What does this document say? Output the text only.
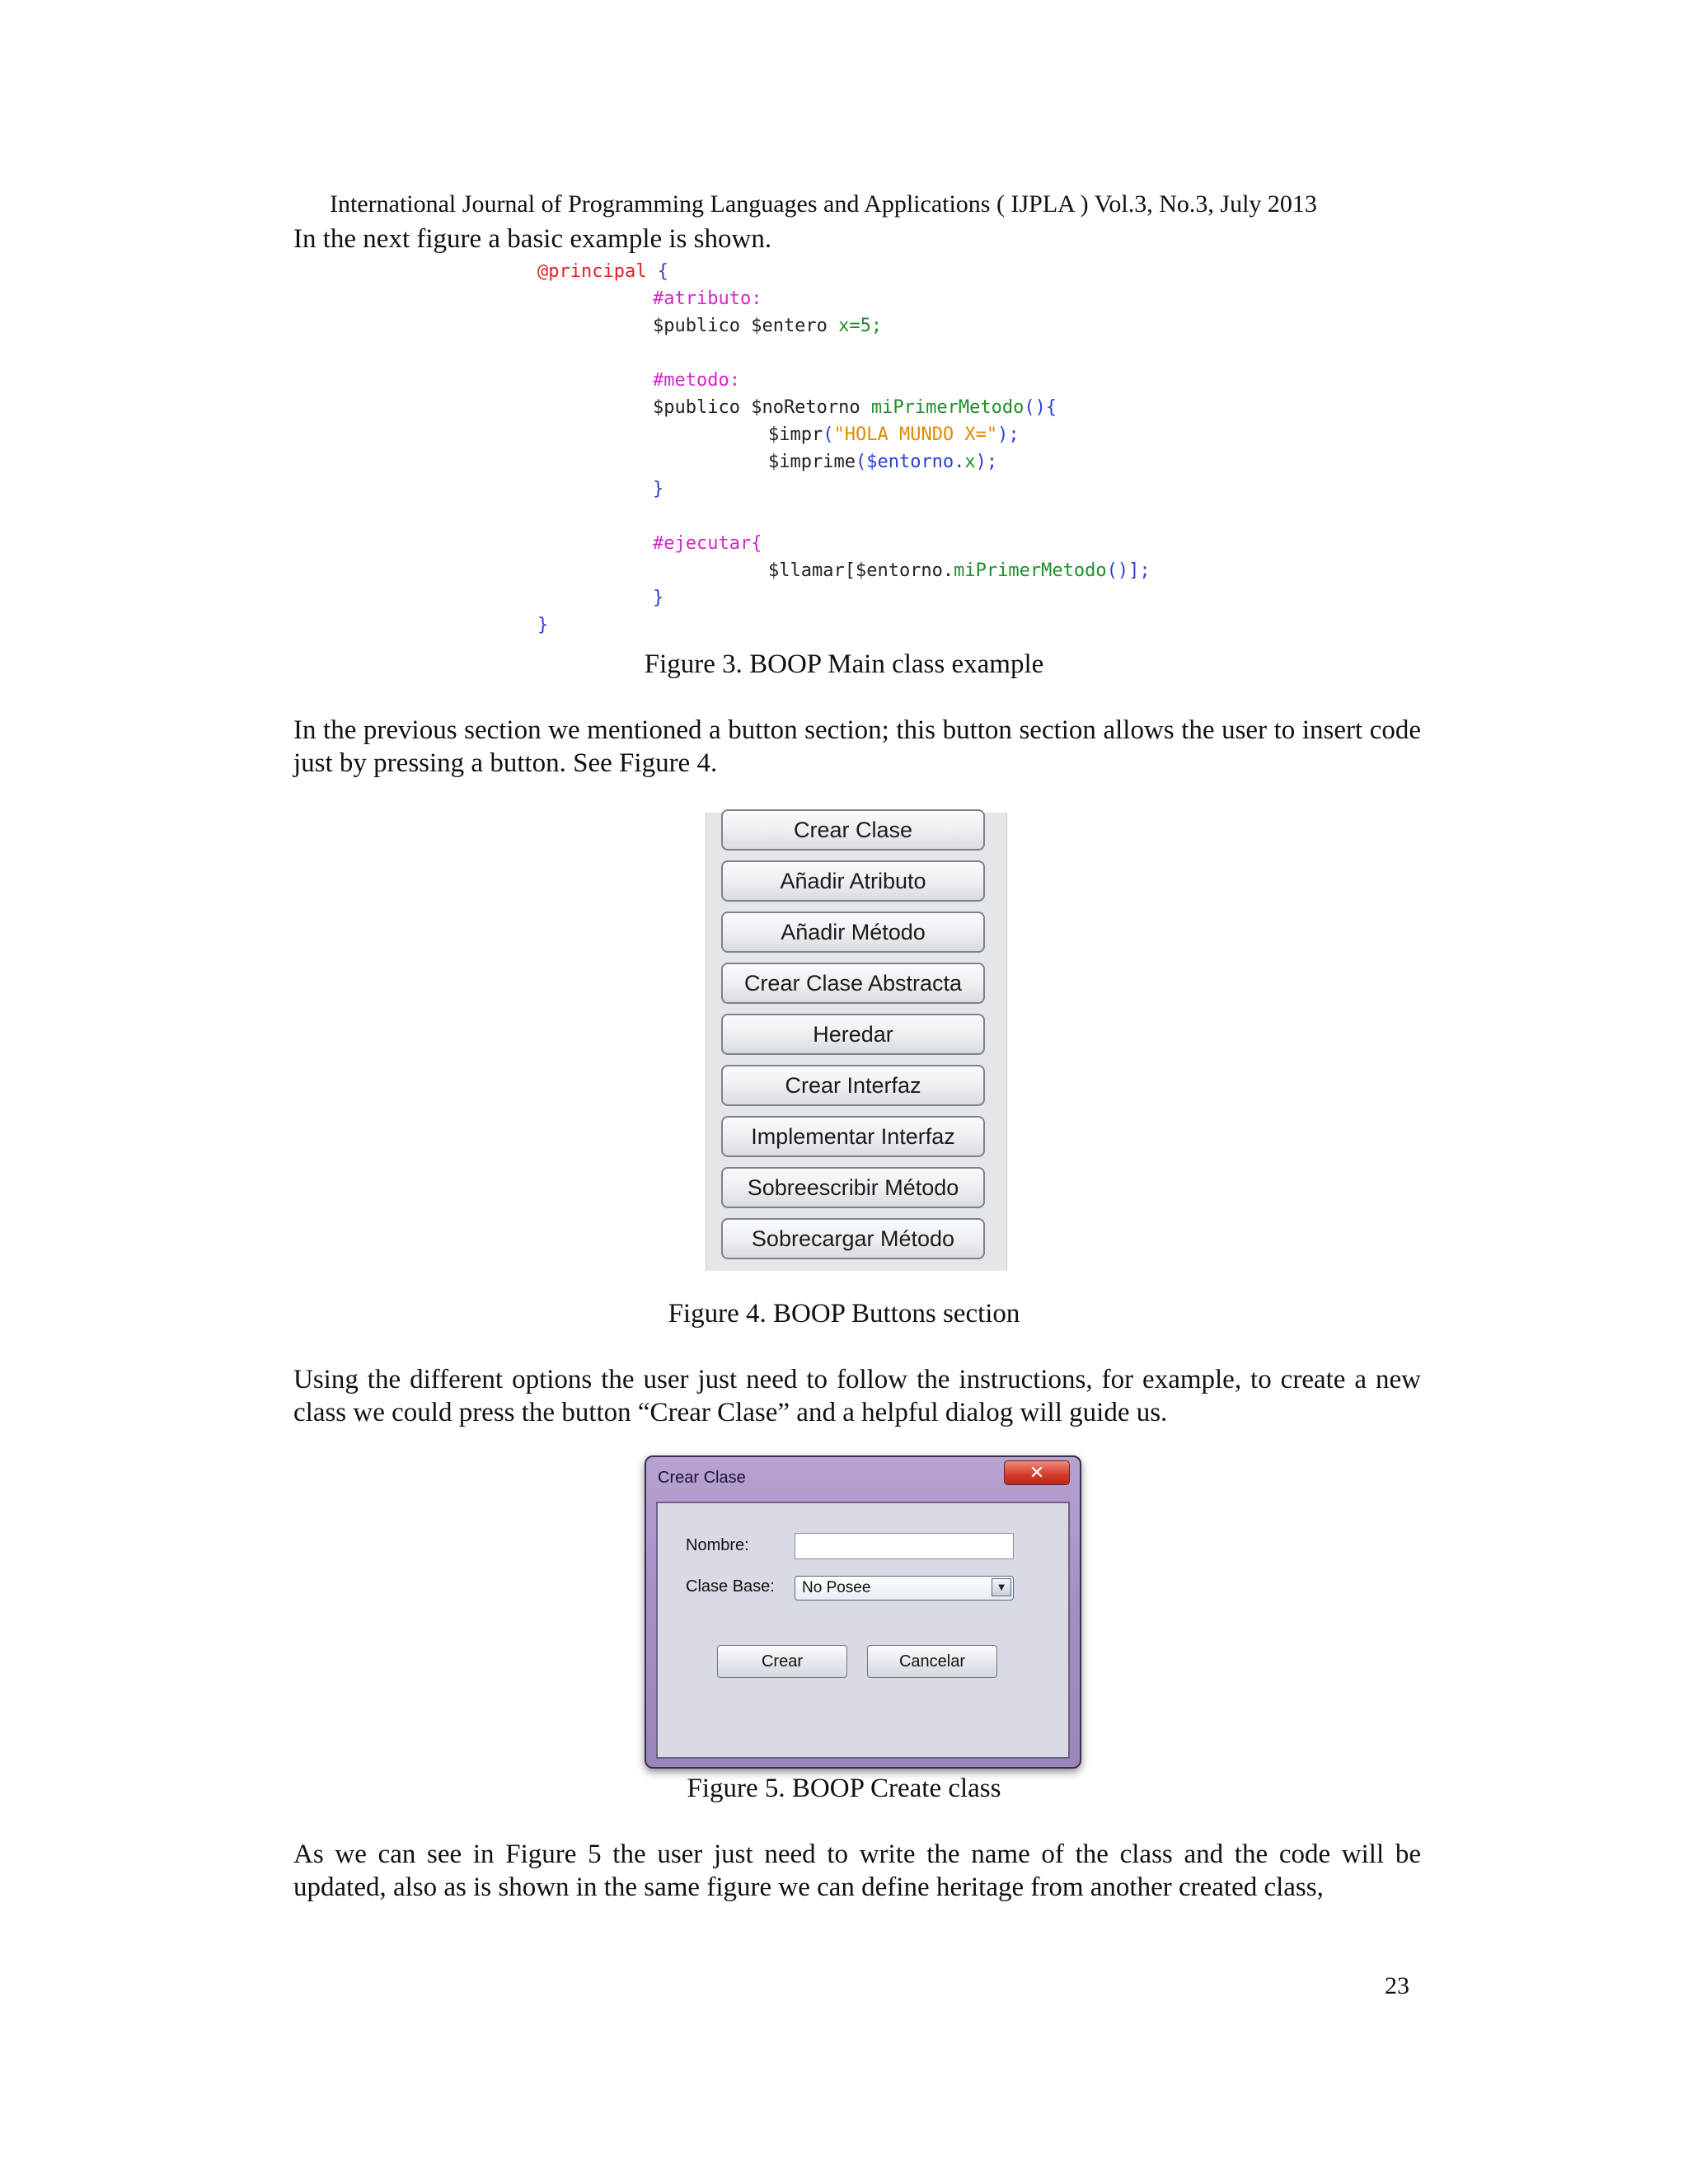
International Journal of Programming Languages and Applications ( IJPLA ) Vol.3, No.3, July 2013

In the next figure a basic example is shown.

@principal {
#atributo:
$publico $entero x=5;
#metodo:
$publico $noRetorno miPrimerMetodo(){
$impr("HOLA MUNDO X=");
$imprime($entorno.x);
}
#ejecutar{
$llamar[$entorno.miPrimerMetodo()];
}
}
Figure 3. BOOP Main class example

In the previous section we mentioned a button section; this button section allows the user to insert code just by pressing a button. See Figure 4.

Crear Clase
Añadir Atributo
Añadir Método
Crear Clase Abstracta
Heredar
Crear Interfaz
Implementar Interfaz
Sobreescribir Método
Sobrecargar Método
Figure 4. BOOP Buttons section

Using the different options the user just need to follow the instructions, for example, to create a new class we could press the button “Crear Clase” and a helpful dialog will guide us.

Crear Clase	✕
Nombre:
Clase Base:	No Posee	▼
Crear	Cancelar
Figure 5. BOOP Create class

As we can see in Figure 5 the user just need to write the name of the class and the code will be updated, also as is shown in the same figure we can define heritage from another created class,

23
